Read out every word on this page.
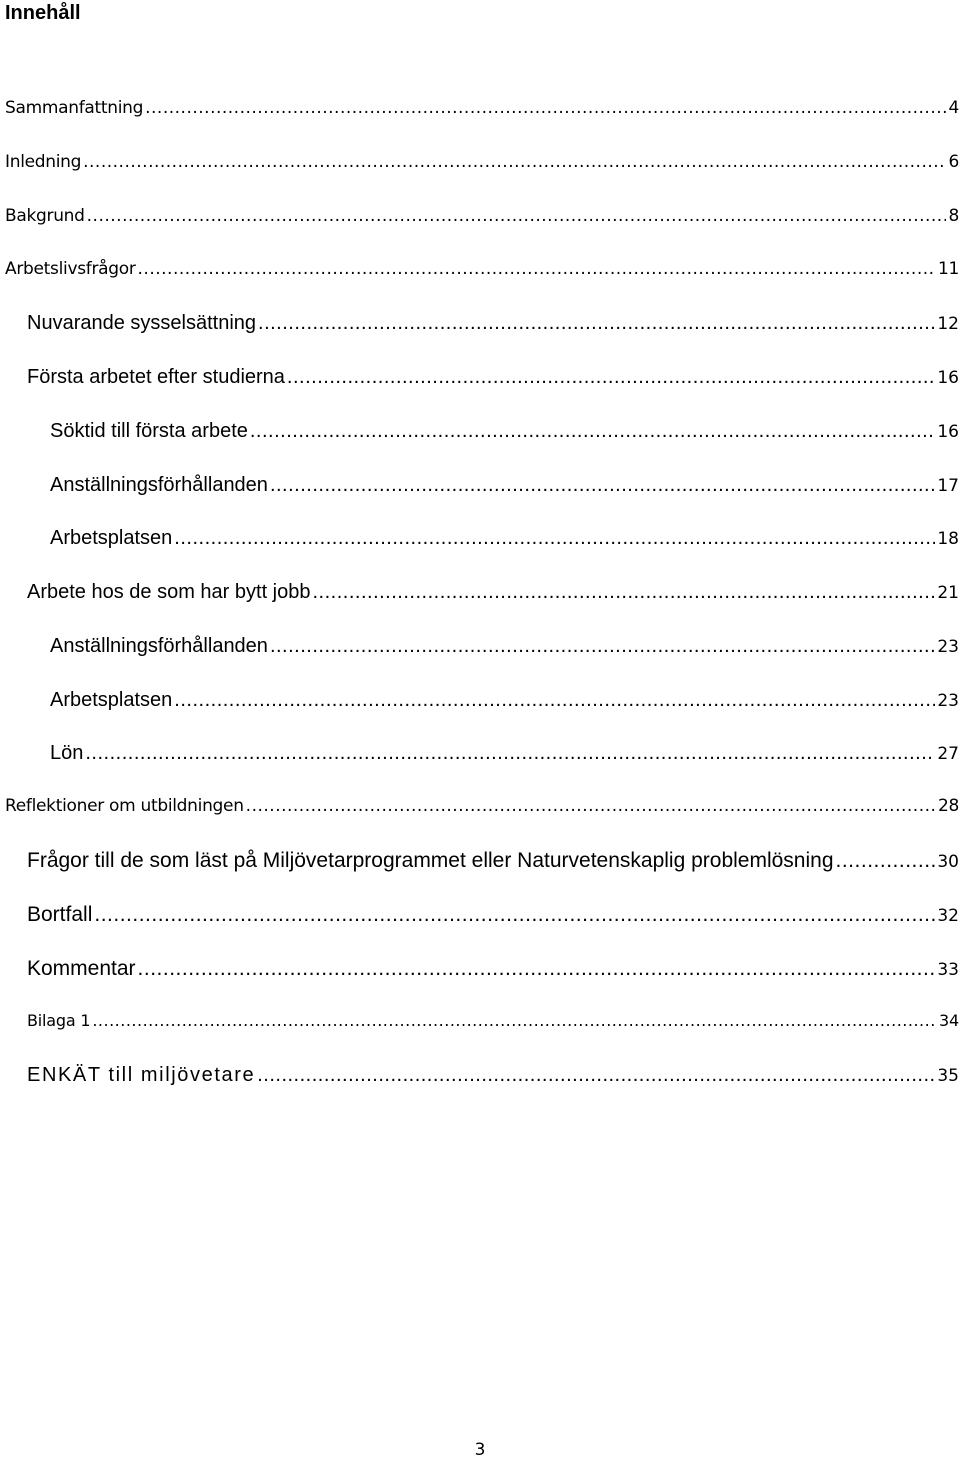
Innehåll
Sammanfattning .....	4
Inledning .....	6
Bakgrund .....	8
Arbetslivsfrågor .....	11
Nuvarande sysselsättning .....	12
Första arbetet efter studierna .....	16
Söktid till första arbete .....	16
Anställningsförhållanden .....	17
Arbetsplatsen .....	18
Arbete hos de som har bytt jobb .....	21
Anställningsförhållanden .....	23
Arbetsplatsen .....	23
Lön .....	27
Reflektioner om utbildningen .....	28
Frågor till de som läst på Miljövetarprogrammet eller Naturvetenskaplig problemlösning .....	30
Bortfall .....	32
Kommentar .....	33
Bilaga 1 .....	34
ENKÄT till miljövetare .....	35
3
